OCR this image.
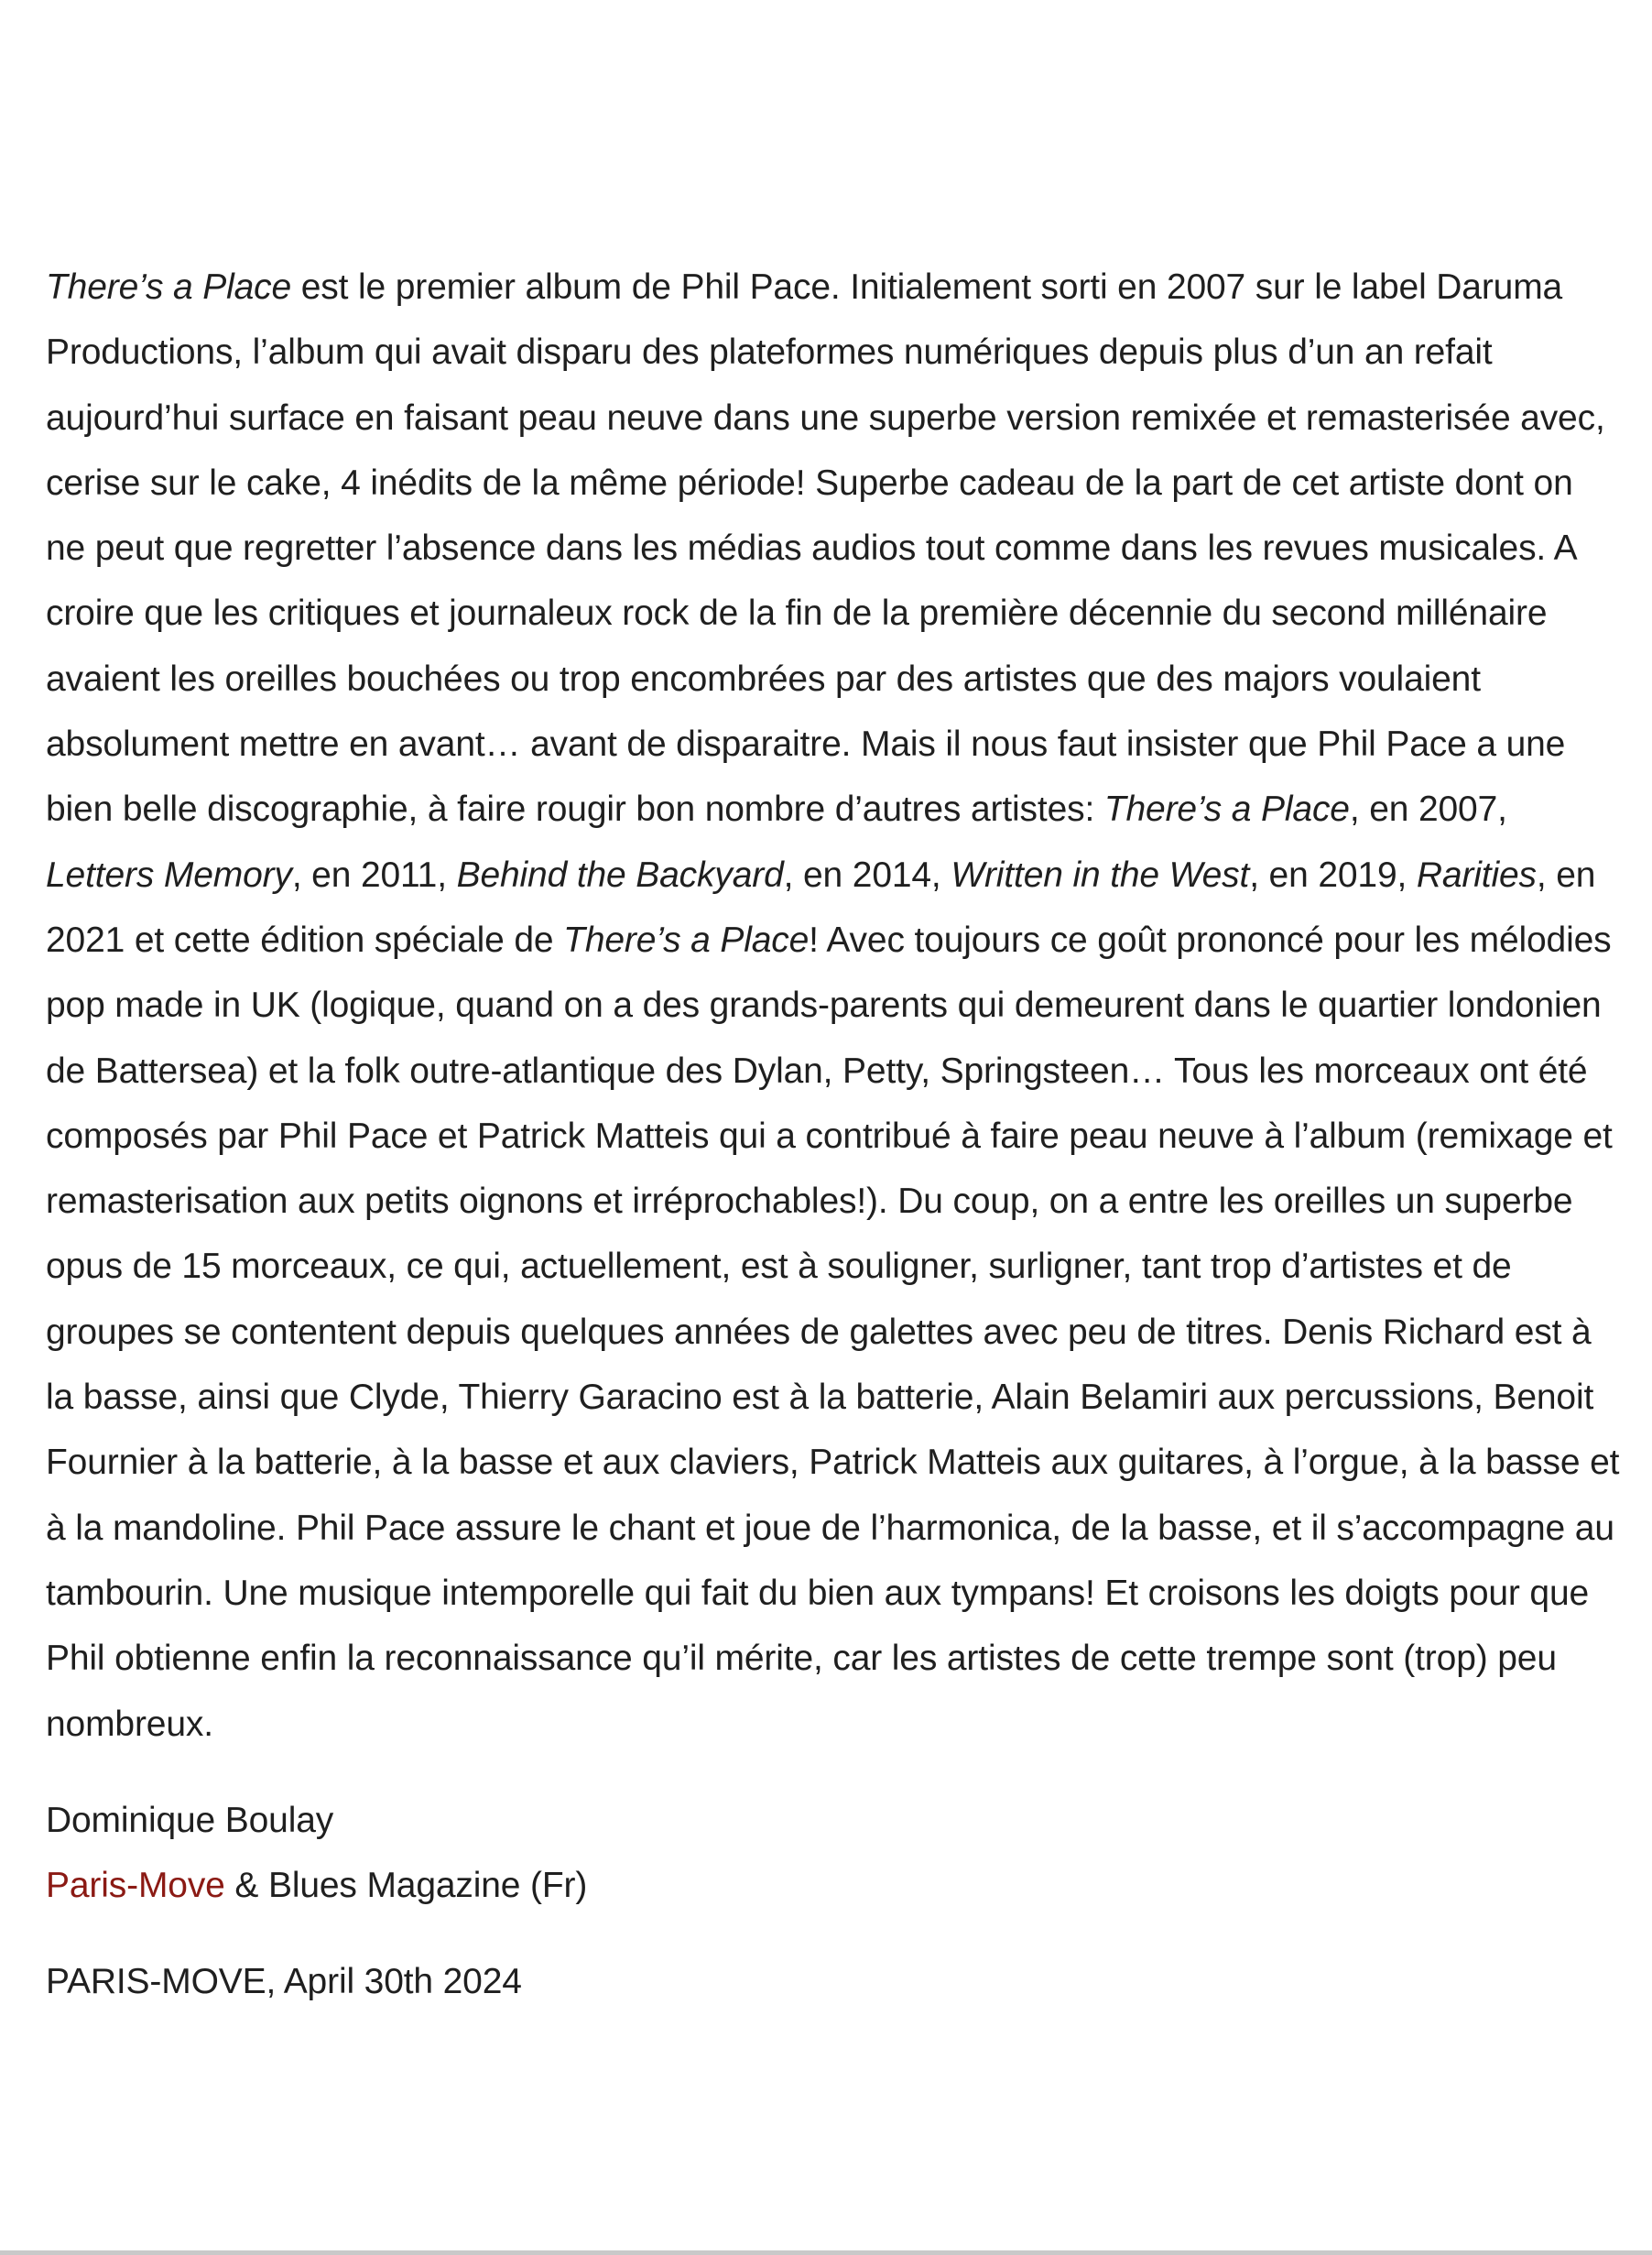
There’s a Place est le premier album de Phil Pace. Initialement sorti en 2007 sur le label Daruma Productions, l’album qui avait disparu des plateformes numériques depuis plus d’un an refait aujourd’hui surface en faisant peau neuve dans une superbe version remixée et remasterisée avec, cerise sur le cake, 4 inédits de la même période! Superbe cadeau de la part de cet artiste dont on ne peut que regretter l’absence dans les médias audios tout comme dans les revues musicales. A croire que les critiques et journaleux rock de la fin de la première décennie du second millénaire avaient les oreilles bouchées ou trop encombrées par des artistes que des majors voulaient absolument mettre en avant… avant de disparaitre. Mais il nous faut insister que Phil Pace a une bien belle discographie, à faire rougir bon nombre d’autres artistes: There’s a Place, en 2007, Letters Memory, en 2011, Behind the Backyard, en 2014, Written in the West, en 2019, Rarities, en 2021 et cette édition spéciale de There’s a Place! Avec toujours ce goût prononcé pour les mélodies pop made in UK (logique, quand on a des grands-parents qui demeurent dans le quartier londonien de Battersea) et la folk outre-atlantique des Dylan, Petty, Springsteen… Tous les morceaux ont été composés par Phil Pace et Patrick Matteis qui a contribué à faire peau neuve à l’album (remixage et remasterisation aux petits oignons et irréprochables!). Du coup, on a entre les oreilles un superbe opus de 15 morceaux, ce qui, actuellement, est à souligner, surligner, tant trop d’artistes et de groupes se contentent depuis quelques années de galettes avec peu de titres. Denis Richard est à la basse, ainsi que Clyde, Thierry Garacino est à la batterie, Alain Belamiri aux percussions, Benoit Fournier à la batterie, à la basse et aux claviers, Patrick Matteis aux guitares, à l’orgue, à la basse et à la mandoline. Phil Pace assure le chant et joue de l’harmonica, de la basse, et il s’accompagne au tambourin. Une musique intemporelle qui fait du bien aux tympans! Et croisons les doigts pour que Phil obtienne enfin la reconnaissance qu’il mérite, car les artistes de cette trempe sont (trop) peu nombreux.

Dominique Boulay
Paris-Move & Blues Magazine (Fr)

PARIS-MOVE, April 30th 2024
